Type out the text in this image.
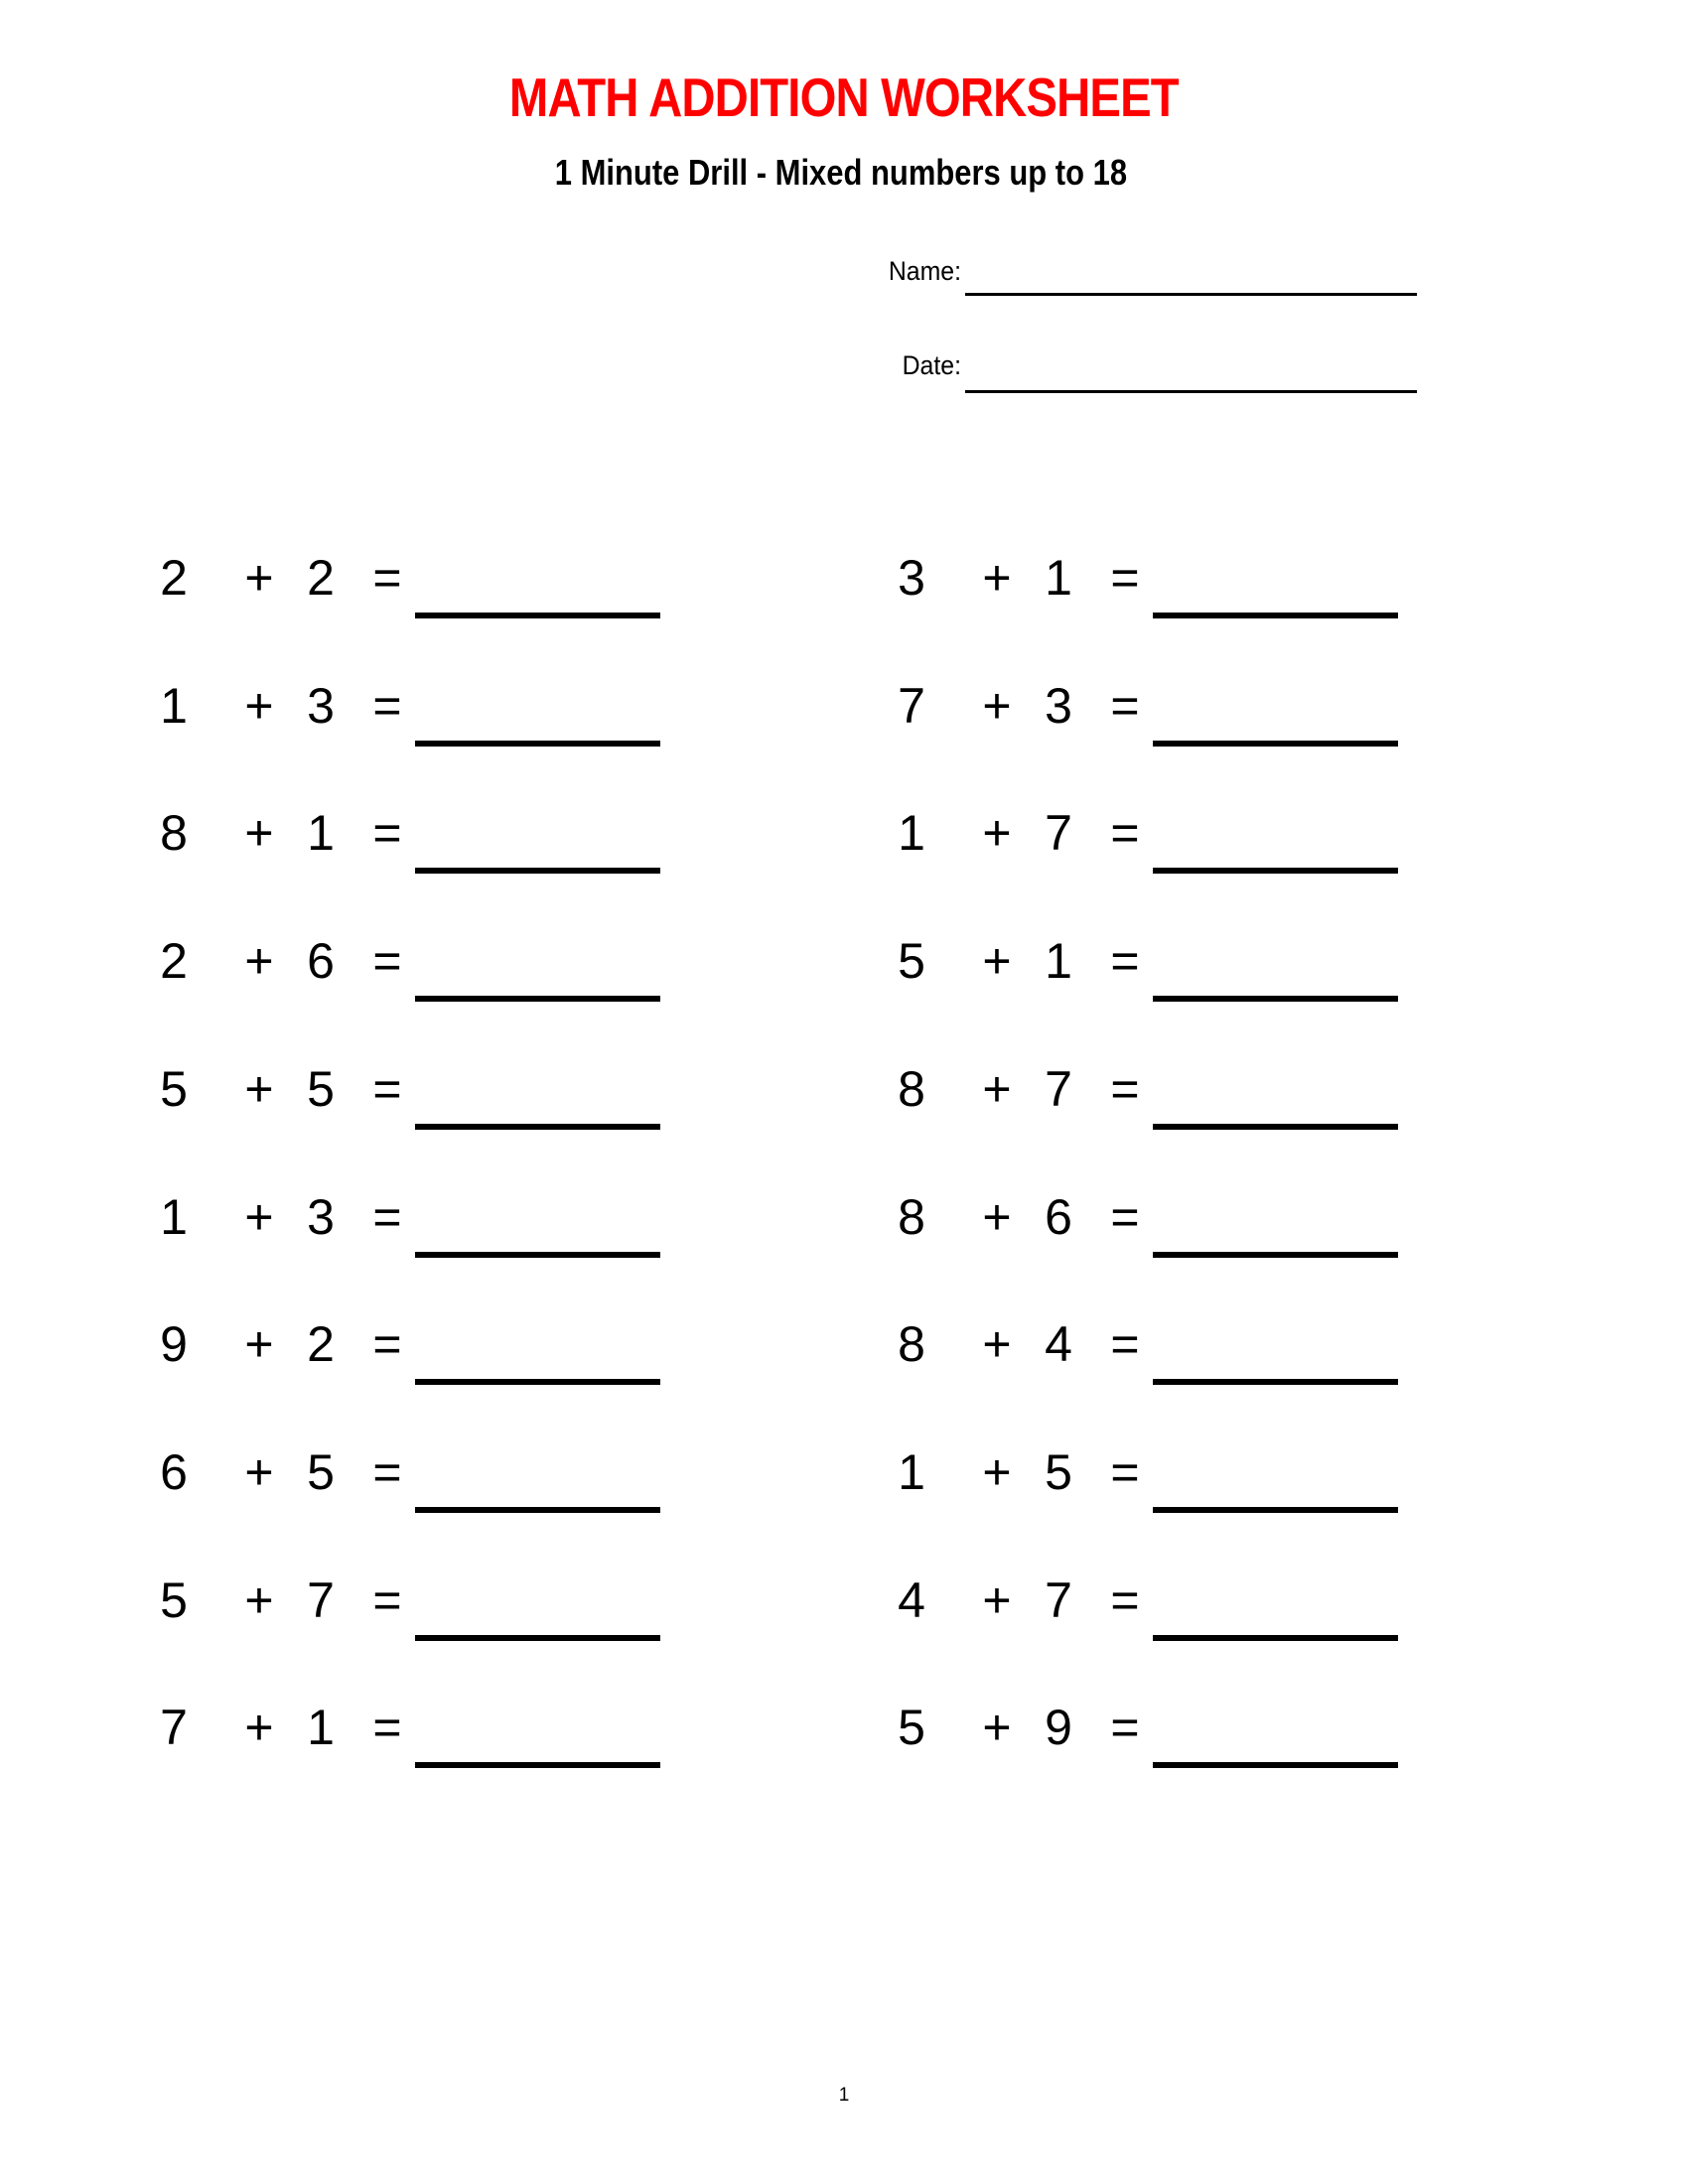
MATH ADDITION WORKSHEET
1 Minute Drill - Mixed numbers up to 18
Name:
Date:
2 + 2 =
1 + 3 =
8 + 1 =
2 + 6 =
5 + 5 =
1 + 3 =
9 + 2 =
6 + 5 =
5 + 7 =
7 + 1 =
3 + 1 =
7 + 3 =
1 + 7 =
5 + 1 =
8 + 7 =
8 + 6 =
8 + 4 =
1 + 5 =
4 + 7 =
5 + 9 =
1
